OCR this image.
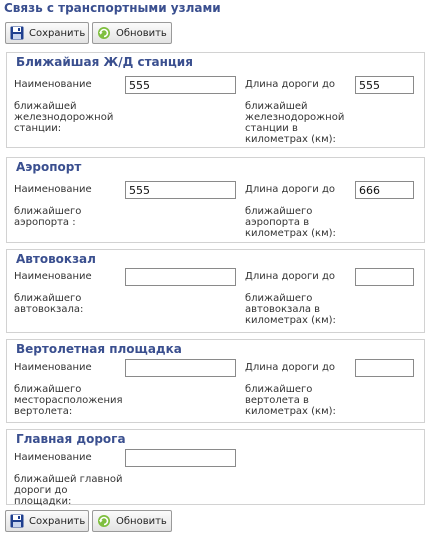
Связь с транспортными узлами
Сохранить	Обновить
Ближайшая Ж/Д станция
Наименование
ближайшей железнодорожной станции:
555
Длина дороги до
ближайшей железнодорожной станции в километрах (км):
555
Аэропорт
Наименование
ближайшего аэропорта :
555
Длина дороги до
ближайшего аэропорта в километрах (км):
666
Автовокзал
Наименование
ближайшего автовокзала:
Длина дороги до
ближайшего автовокзала в километрах (км):
Вертолетная площадка
Наименование
ближайшего месторасположения вертолета:
Длина дороги до
ближайшего вертолета в километрах (км):
Главная дорога
Наименование
ближайшей главной дороги до площадки:
Сохранить	Обновить
